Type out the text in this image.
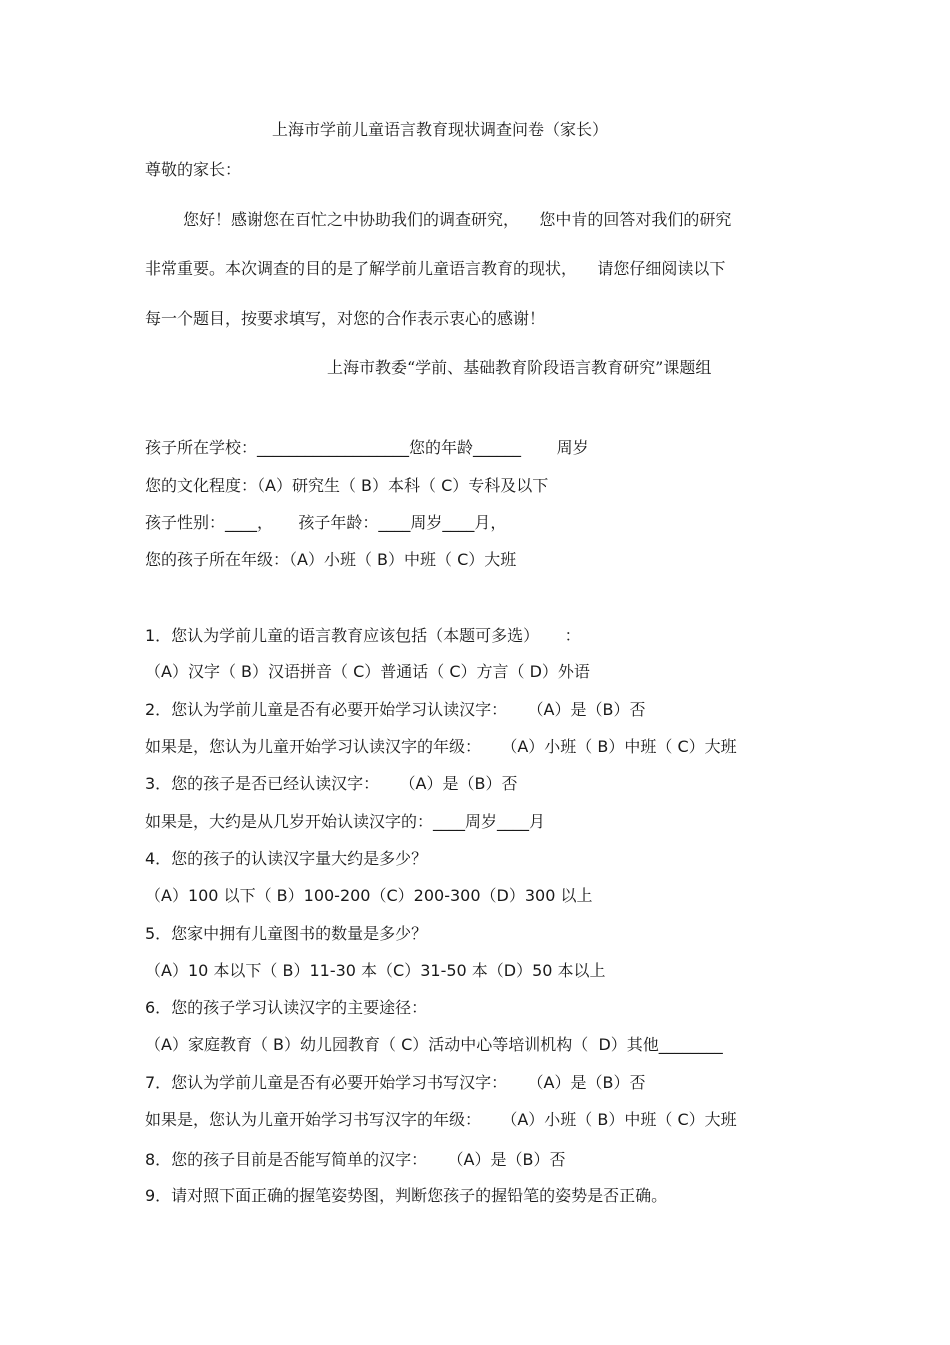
上海市学前儿童语言教育现状调查问卷（家长）
尊敬的家长：
您好！感谢您在百忙之中协助我们的调查研究，    您中肯的回答对我们的研究
非常重要。本次调查的目的是了解学前儿童语言教育的现状，    请您仔细阅读以下
每一个题目，按要求填写，对您的合作表示衷心的感谢！
上海市教委“学前、基础教育阶段语言教育研究”课题组
孩子所在学校：___________________您的年龄______       周岁
您的文化程度：（A）研究生（ B）本科（ C）专科及以下
孩子性别：____，     孩子年龄：____周岁____月，
您的孩子所在年级：（A）小班（ B）中班（ C）大班
1．您认为学前儿童的语言教育应该包括（本题可多选）     ：
（A）汉字（ B）汉语拼音（ C）普通话（ C）方言（ D）外语
2．您认为学前儿童是否有必要开始学习认读汉字：    （A）是（B）否
如果是，您认为儿童开始学习认读汉字的年级：    （A）小班（ B）中班（ C）大班
3．您的孩子是否已经认读汉字：    （A）是（B）否
如果是，大约是从几岁开始认读汉字的：____周岁____月
4．您的孩子的认读汉字量大约是多少？
（A）100 以下（ B）100-200（C）200-300（D）300 以上
5．您家中拥有儿童图书的数量是多少？
（A）10 本以下（ B）11-30 本（C）31-50 本（D）50 本以上
6．您的孩子学习认读汉字的主要途径：
（A）家庭教育（ B）幼儿园教育（ C）活动中心等培训机构（  D）其他________
7．您认为学前儿童是否有必要开始学习书写汉字：    （A）是（B）否
如果是，您认为儿童开始学习书写汉字的年级：    （A）小班（ B）中班（ C）大班
8．您的孩子目前是否能写简单的汉字：    （A）是（B）否
9．请对照下面正确的握笔姿势图，判断您孩子的握铅笔的姿势是否正确。
